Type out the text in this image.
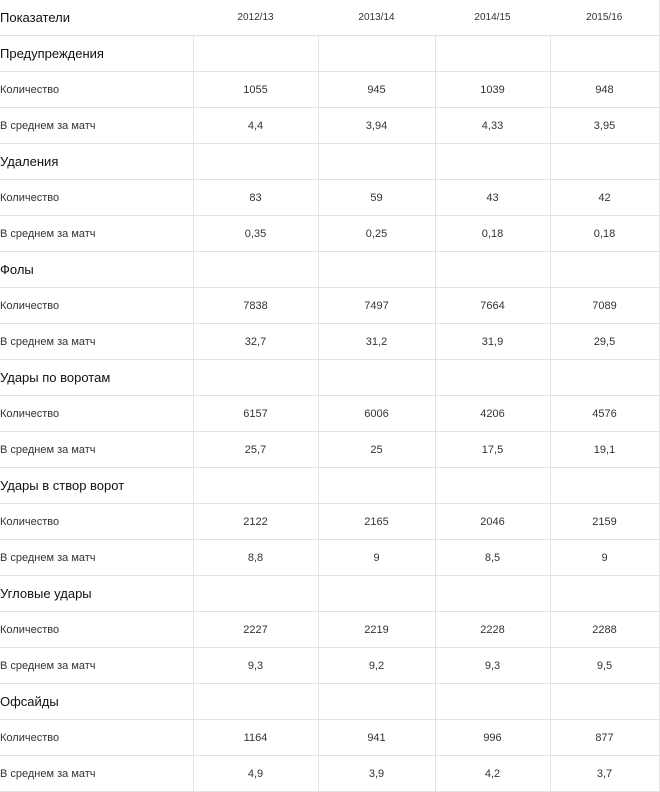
Показатели	2012/13	2013/14	2014/15	2015/16
Предупреждения				
Количество	1055	945	1039	948
В среднем за матч	4,4	3,94	4,33	3,95
Удаления				
Количество	83	59	43	42
В среднем за матч	0,35	0,25	0,18	0,18
Фолы				
Количество	7838	7497	7664	7089
В среднем за матч	32,7	31,2	31,9	29,5
Удары по воротам				
Количество	6157	6006	4206	4576
В среднем за матч	25,7	25	17,5	19,1
Удары в створ ворот				
Количество	2122	2165	2046	2159
В среднем за матч	8,8	9	8,5	9
Угловые удары				
Количество	2227	2219	2228	2288
В среднем за матч	9,3	9,2	9,3	9,5
Офсайды				
Количество	1164	941	996	877
В среднем за матч	4,9	3,9	4,2	3,7
